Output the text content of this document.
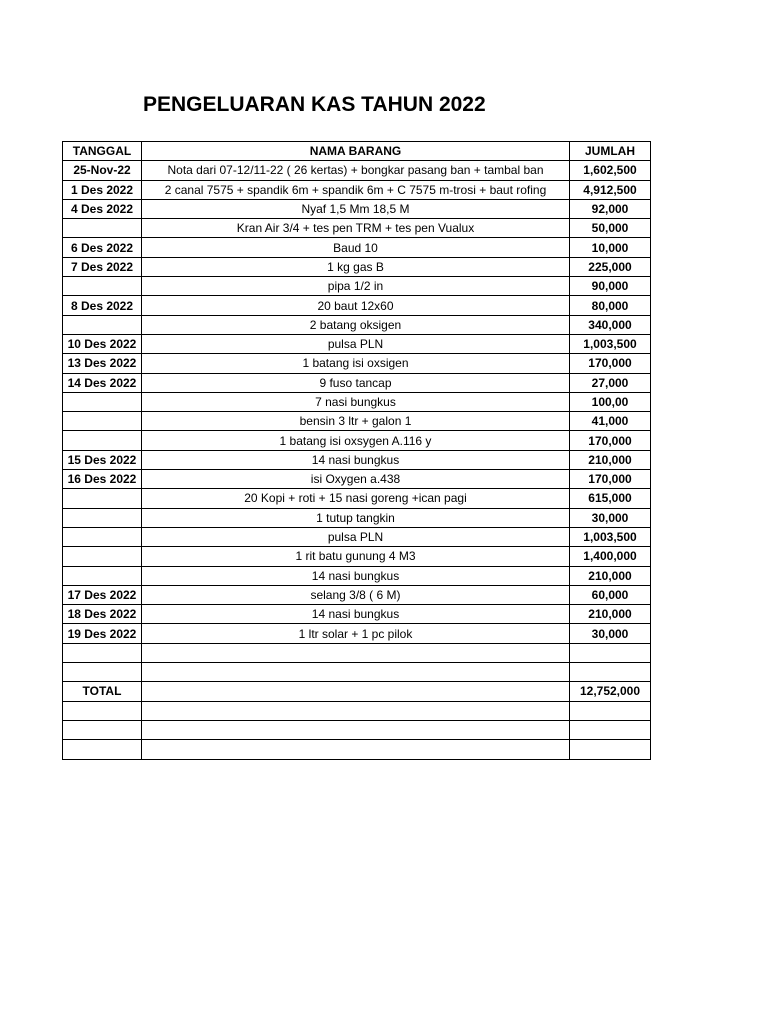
PENGELUARAN KAS TAHUN 2022
TANGGAL	NAMA BARANG	JUMLAH
25-Nov-22	Nota dari 07-12/11-22 ( 26 kertas) + bongkar pasang ban + tambal ban	1,602,500
1 Des 2022	2 canal 7575 + spandik 6m + spandik 6m + C 7575 m-trosi + baut rofing	4,912,500
4 Des 2022	Nyaf 1,5 Mm 18,5 M	92,000
	Kran Air 3/4 + tes pen TRM + tes pen Vualux	50,000
6 Des 2022	Baud 10	10,000
7 Des 2022	1 kg gas B	225,000
	pipa 1/2 in	90,000
8 Des 2022	20 baut 12x60	80,000
	2 batang oksigen	340,000
10 Des 2022	pulsa PLN	1,003,500
13 Des 2022	1 batang isi oxsigen	170,000
14 Des 2022	9 fuso tancap	27,000
	7 nasi bungkus	100,00
	bensin 3 ltr + galon 1	41,000
	1 batang isi oxsygen A.116 y	170,000
15 Des 2022	14 nasi bungkus	210,000
16 Des 2022	isi Oxygen a.438	170,000
	20 Kopi + roti + 15 nasi goreng +ican pagi	615,000
	1 tutup tangkin	30,000
	pulsa PLN	1,003,500
	1 rit batu gunung 4 M3	1,400,000
	14 nasi bungkus	210,000
17 Des 2022	selang 3/8 ( 6 M)	60,000
18 Des 2022	14 nasi bungkus	210,000
19 Des 2022	1 ltr solar + 1 pc pilok	30,000

TOTAL		12,752,000
